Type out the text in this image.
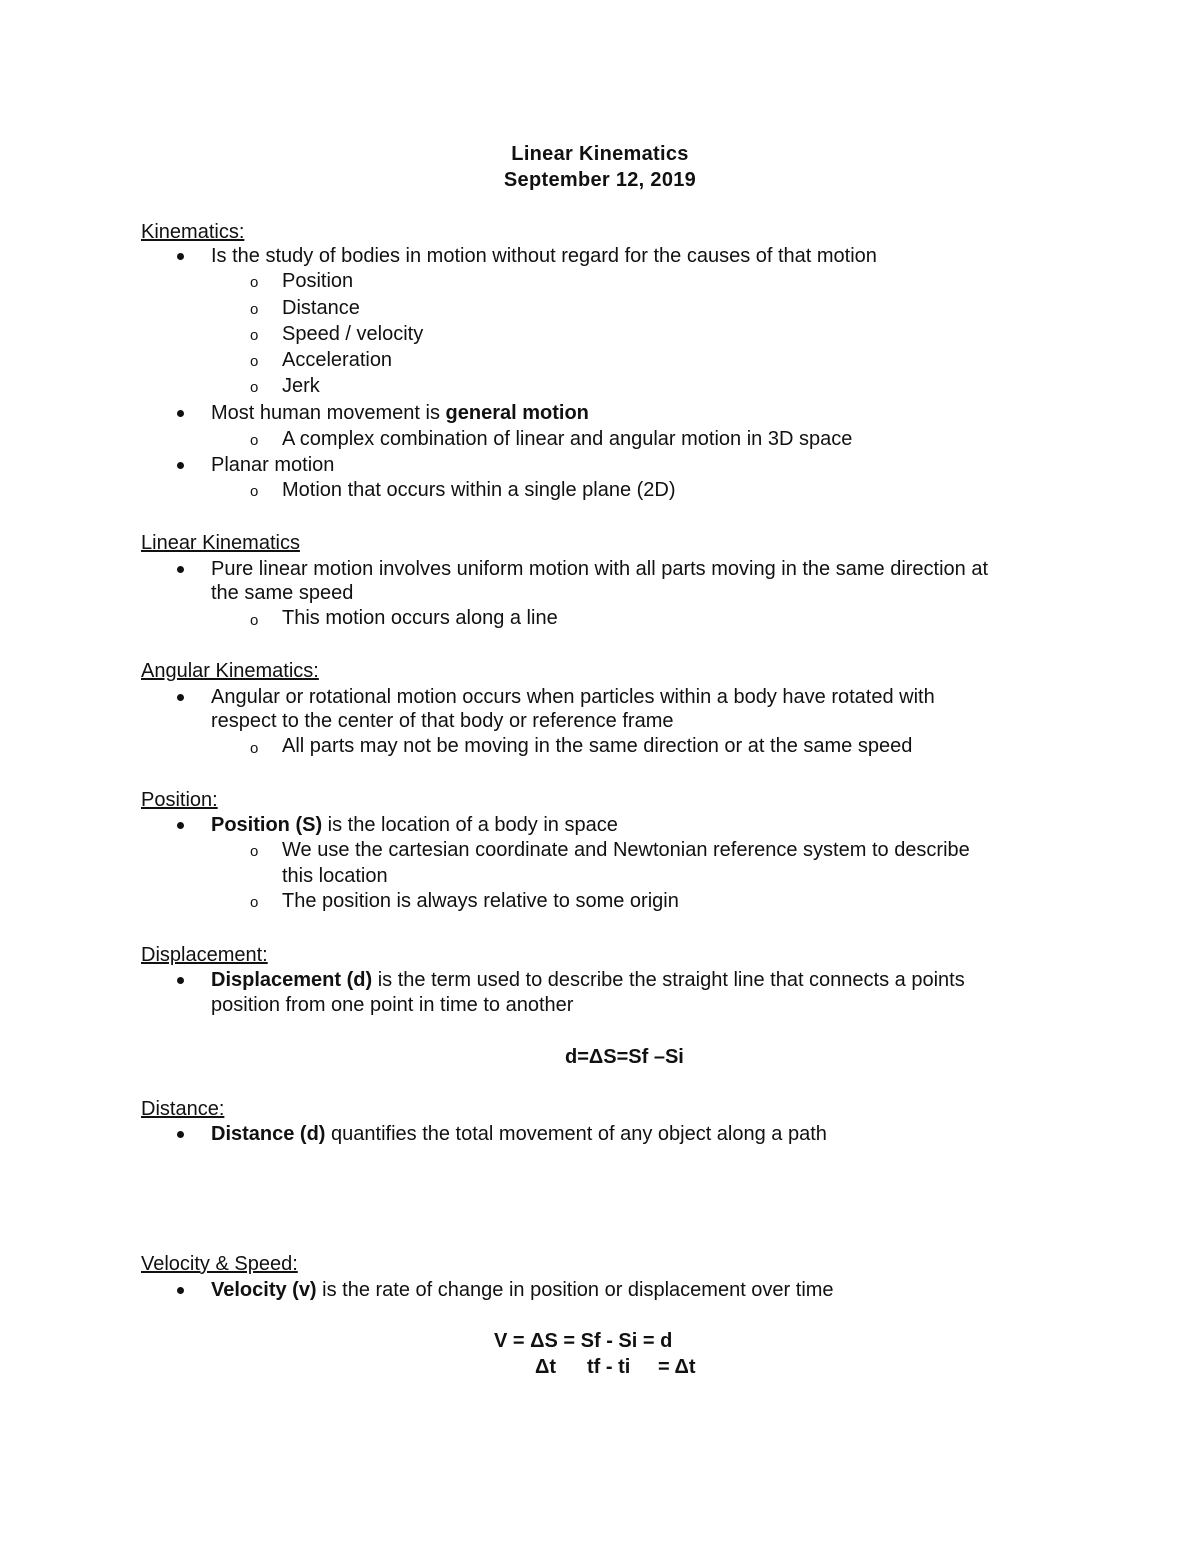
Linear Kinematics
September 12, 2019
Kinematics:
Is the study of bodies in motion without regard for the causes of that motion
o Position
o Distance
o Speed / velocity
o Acceleration
o Jerk
Most human movement is general motion
o A complex combination of linear and angular motion in 3D space
Planar motion
o Motion that occurs within a single plane (2D)
Linear Kinematics
Pure linear motion involves uniform motion with all parts moving in the same direction at
the same speed
o This motion occurs along a line
Angular Kinematics:
Angular or rotational motion occurs when particles within a body have rotated with
respect to the center of that body or reference frame
o All parts may not be moving in the same direction or at the same speed
Position:
Position (S) is the location of a body in space
o We use the cartesian coordinate and Newtonian reference system to describe
this location
o The position is always relative to some origin
Displacement:
Displacement (d) is the term used to describe the straight line that connects a points
position from one point in time to another
d=ΔS=Sf –Si
Distance:
Distance (d) quantifies the total movement of any object along a path
Velocity & Speed:
Velocity (v) is the rate of change in position or displacement over time
V = ΔS = Sf - Si = d
Δt tf - ti = Δt
